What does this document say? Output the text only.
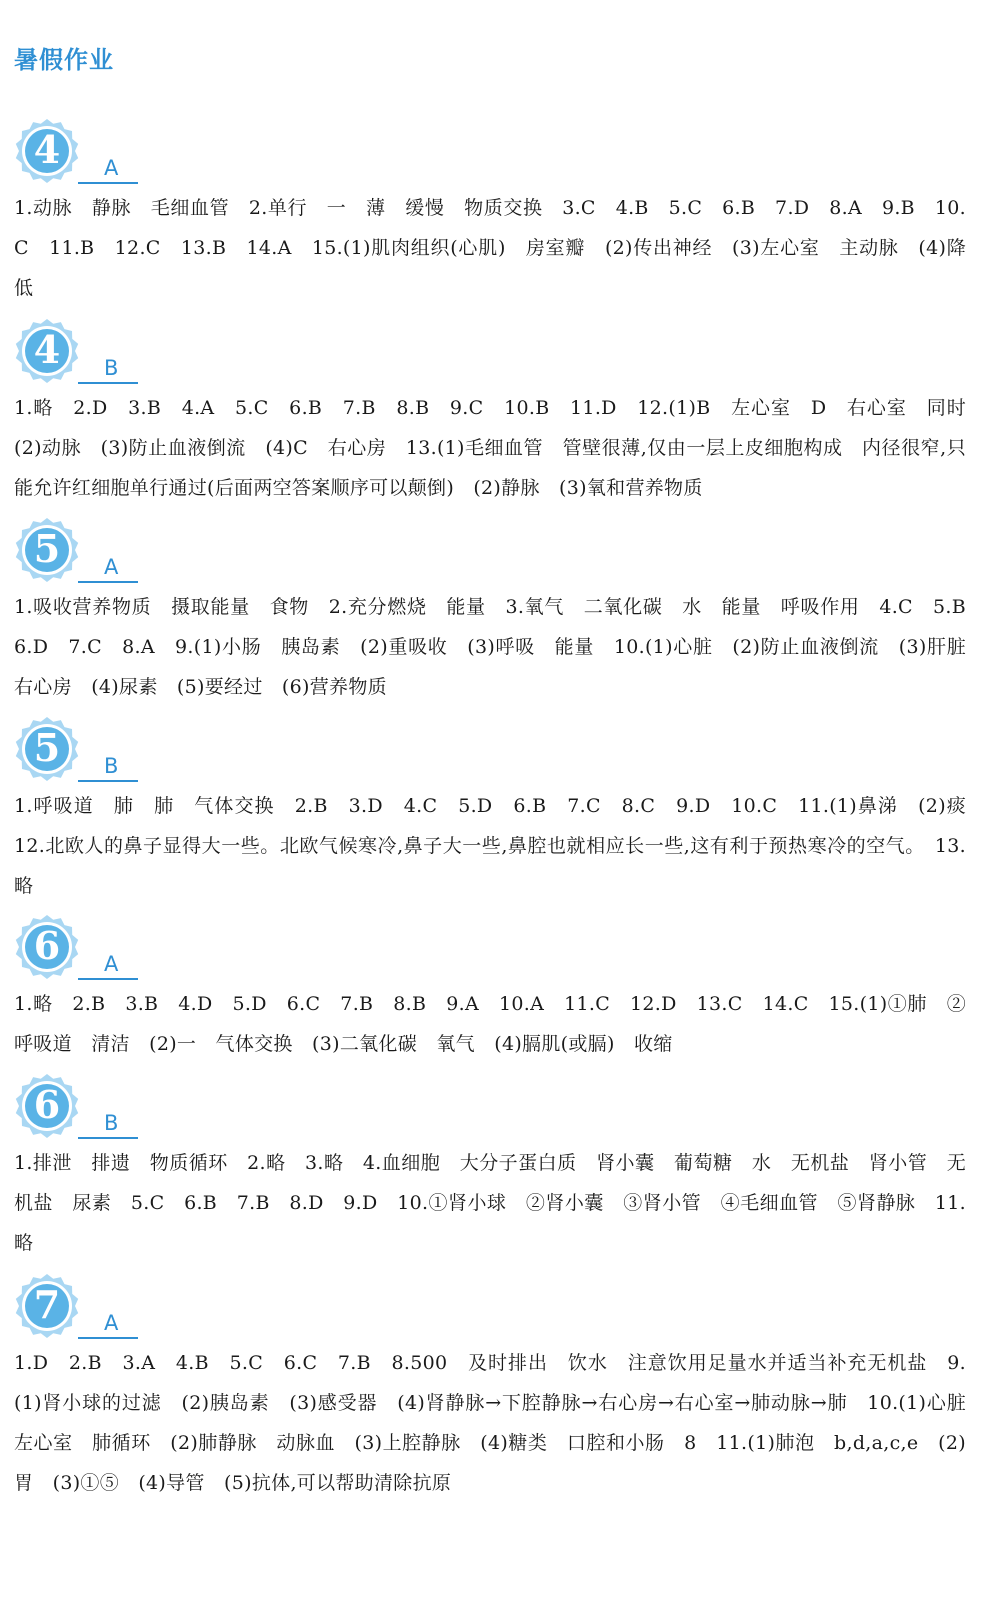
暑假作业
4	A
1.动脉　静脉　毛细血管　2.单行　一　薄　缓慢　物质交换　3.C　4.B　5.C　6.B　7.D　8.A　9.B　10.C　11.B　12.C　13.B　14.A　15.(1)肌肉组织(心肌)　房室瓣　(2)传出神经　(3)左心室　主动脉　(4)降低
4	B
1.略　2.D　3.B　4.A　5.C　6.B　7.B　8.B　9.C　10.B　11.D　12.(1)B　左心室　D　右心室　同时　(2)动脉　(3)防止血液倒流　(4)C　右心房　13.(1)毛细血管　管壁很薄,仅由一层上皮细胞构成　内径很窄,只能允许红细胞单行通过(后面两空答案顺序可以颠倒)　(2)静脉　(3)氧和营养物质
5	A
1.吸收营养物质　摄取能量　食物　2.充分燃烧　能量　3.氧气　二氧化碳　水　能量　呼吸作用　4.C　5.B　6.D　7.C　8.A　9.(1)小肠　胰岛素　(2)重吸收　(3)呼吸　能量　10.(1)心脏　(2)防止血液倒流　(3)肝脏　右心房　(4)尿素　(5)要经过　(6)营养物质
5	B
1.呼吸道　肺　肺　气体交换　2.B　3.D　4.C　5.D　6.B　7.C　8.C　9.D　10.C　11.(1)鼻涕　(2)痰　12.北欧人的鼻子显得大一些。北欧气候寒冷,鼻子大一些,鼻腔也就相应长一些,这有利于预热寒冷的空气。　13.略
6	A
1.略　2.B　3.B　4.D　5.D　6.C　7.B　8.B　9.A　10.A　11.C　12.D　13.C　14.C　15.(1)①肺　②　呼吸道　清洁　(2)一　气体交换　(3)二氧化碳　氧气　(4)膈肌(或膈)　收缩
6	B
1.排泄　排遗　物质循环　2.略　3.略　4.血细胞　大分子蛋白质　肾小囊　葡萄糖　水　无机盐　肾小管　无机盐　尿素　5.C　6.B　7.B　8.D　9.D　10.①肾小球　②肾小囊　③肾小管　④毛细血管　⑤肾静脉　11.略
7	A
1.D　2.B　3.A　4.B　5.C　6.C　7.B　8.500　及时排出　饮水　注意饮用足量水并适当补充无机盐　9.(1)肾小球的过滤　(2)胰岛素　(3)感受器　(4)肾静脉→下腔静脉→右心房→右心室→肺动脉→肺　10.(1)心脏　左心室　肺循环　(2)肺静脉　动脉血　(3)上腔静脉　(4)糖类　口腔和小肠　8　11.(1)肺泡　b,d,a,c,e　(2)胃　(3)①⑤　(4)导管　(5)抗体,可以帮助清除抗原
